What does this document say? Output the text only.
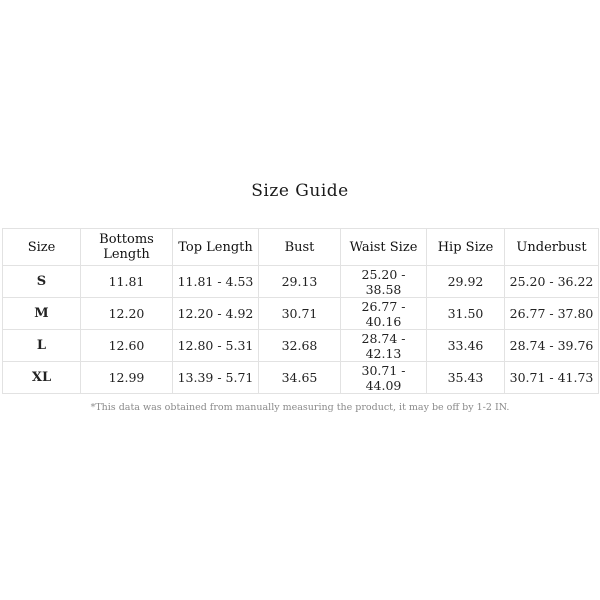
Size Guide
Size	Bottoms Length	Top Length	Bust	Waist Size	Hip Size	Underbust
S	11.81	11.81 - 4.53	29.13	25.20 - 38.58	29.92	25.20 - 36.22
M	12.20	12.20 - 4.92	30.71	26.77 - 40.16	31.50	26.77 - 37.80
L	12.60	12.80 - 5.31	32.68	28.74 - 42.13	33.46	28.74 - 39.76
XL	12.99	13.39 - 5.71	34.65	30.71 - 44.09	35.43	30.71 - 41.73
*This data was obtained from manually measuring the product, it may be off by 1-2 IN.
